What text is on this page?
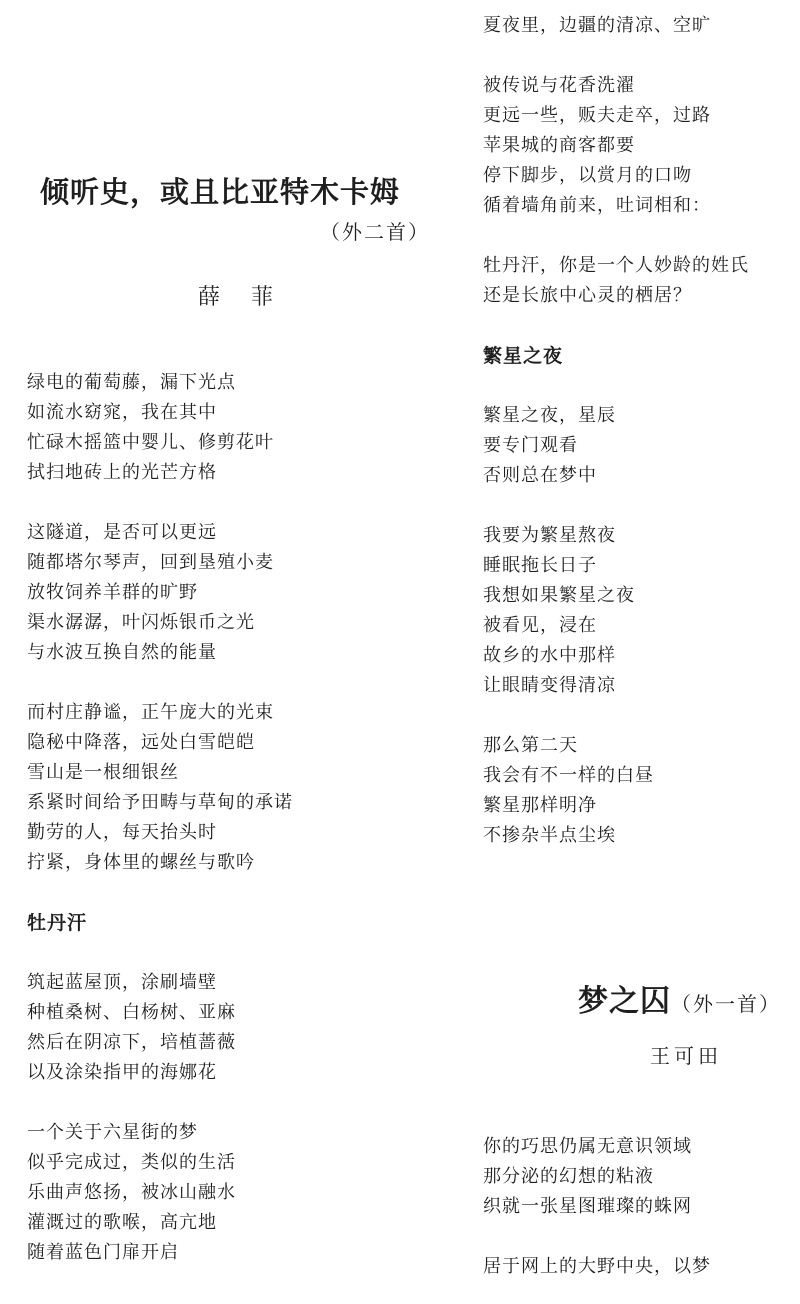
倾听史，或且比亚特木卡姆
（外二首）
薛 菲
绿电的葡萄藤，漏下光点
如流水窈窕，我在其中
忙碌木摇篮中婴儿、修剪花叶
拭扫地砖上的光芒方格
这隧道，是否可以更远
随都塔尔琴声，回到垦殖小麦
放牧饲养羊群的旷野
渠水潺潺，叶闪烁银币之光
与水波互换自然的能量
而村庄静谧，正午庞大的光束
隐秘中降落，远处白雪皑皑
雪山是一根细银丝
系紧时间给予田畴与草甸的承诺
勤劳的人，每天抬头时
拧紧，身体里的螺丝与歌吟
牡丹汗
筑起蓝屋顶，涂刷墙壁
种植桑树、白杨树、亚麻
然后在阴凉下，培植蔷薇
以及涂染指甲的海娜花
一个关于六星街的梦
似乎完成过，类似的生活
乐曲声悠扬，被冰山融水
灌溉过的歌喉，高亢地
随着蓝色门扉开启
夏夜里，边疆的清凉、空旷
被传说与花香洗濯
更远一些，贩夫走卒，过路
苹果城的商客都要
停下脚步，以赏月的口吻
循着墙角前来，吐词相和：
牡丹汗，你是一个人妙龄的姓氏
还是长旅中心灵的栖居？
繁星之夜
繁星之夜，星辰
要专门观看
否则总在梦中
我要为繁星熬夜
睡眠拖长日子
我想如果繁星之夜
被看见，浸在
故乡的水中那样
让眼睛变得清凉
那么第二天
我会有不一样的白昼
繁星那样明净
不掺杂半点尘埃
梦之囚（外一首）
王可田
你的巧思仍属无意识领域
那分泌的幻想的粘液
织就一张星图璀璨的蛛网
居于网上的大野中央，以梦
